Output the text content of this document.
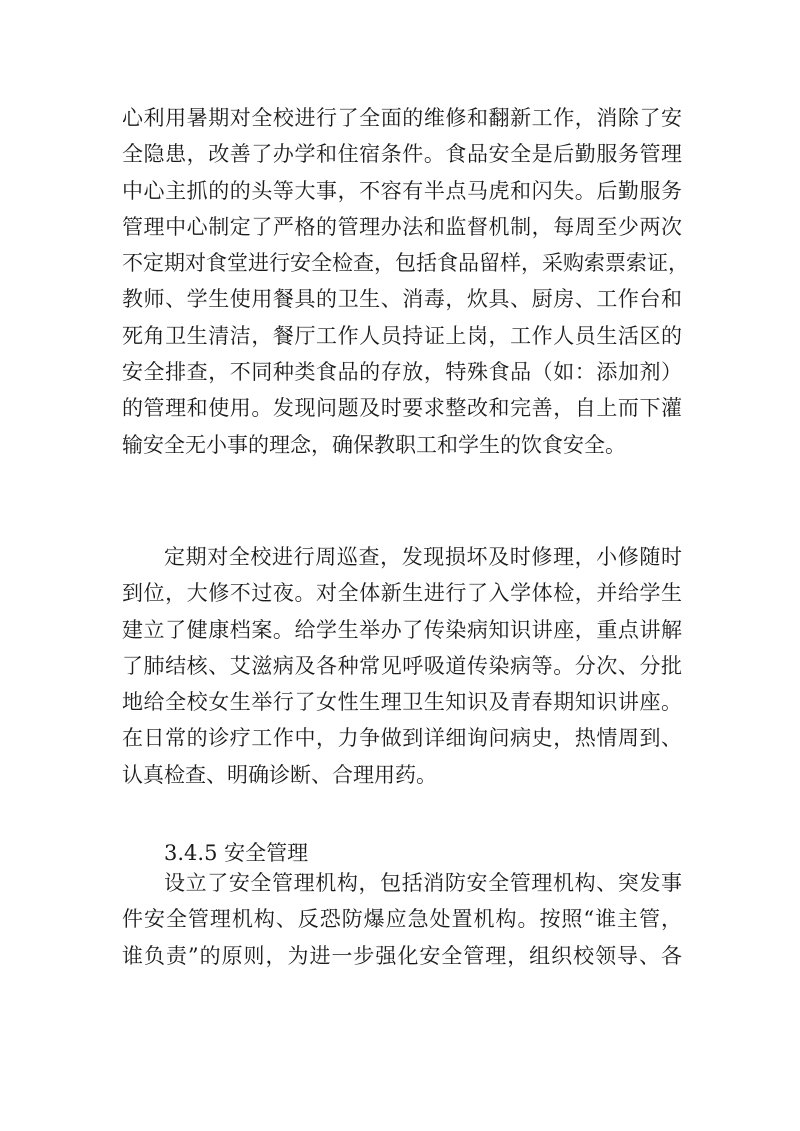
心利用暑期对全校进行了全面的维修和翻新工作，消除了安
全隐患，改善了办学和住宿条件。食品安全是后勤服务管理
中心主抓的的头等大事，不容有半点马虎和闪失。后勤服务
管理中心制定了严格的管理办法和监督机制，每周至少两次
不定期对食堂进行安全检查，包括食品留样，采购索票索证，
教师、学生使用餐具的卫生、消毒，炊具、厨房、工作台和
死角卫生清洁，餐厅工作人员持证上岗，工作人员生活区的
安全排查，不同种类食品的存放，特殊食品（如：添加剂）
的管理和使用。发现问题及时要求整改和完善，自上而下灌
输安全无小事的理念，确保教职工和学生的饮食安全。
定期对全校进行周巡查，发现损坏及时修理，小修随时
到位，大修不过夜。对全体新生进行了入学体检，并给学生
建立了健康档案。给学生举办了传染病知识讲座，重点讲解
了肺结核、艾滋病及各种常见呼吸道传染病等。分次、分批
地给全校女生举行了女性生理卫生知识及青春期知识讲座。
在日常的诊疗工作中，力争做到详细询问病史，热情周到、
认真检查、明确诊断、合理用药。
3.4.5 安全管理
设立了安全管理机构，包括消防安全管理机构、突发事
件安全管理机构、反恐防爆应急处置机构。按照“谁主管，
谁负责”的原则，为进一步强化安全管理，组织校领导、各
